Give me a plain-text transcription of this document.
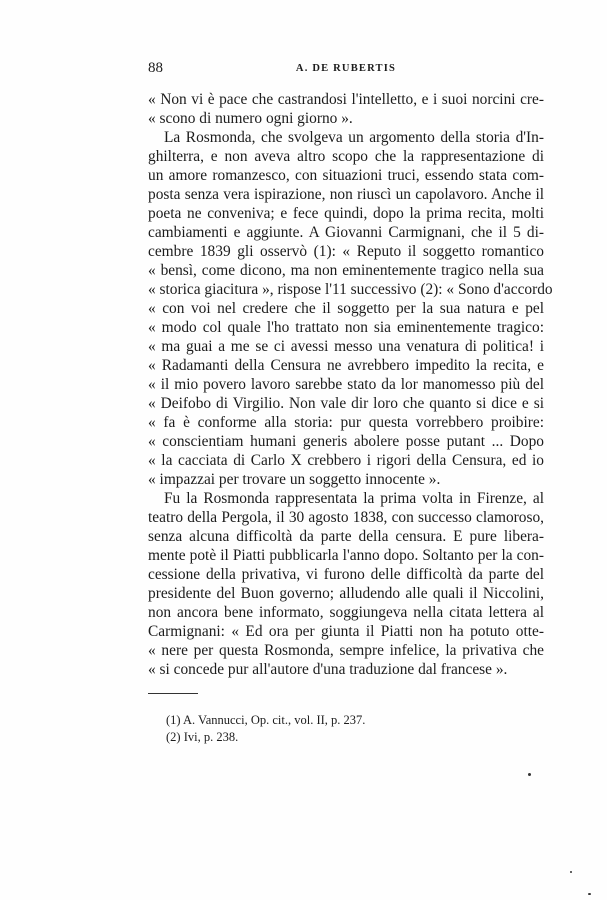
88	A. DE RUBERTIS
« Non vi è pace che castrandosi l'intelletto, e i suoi norcini cre-
« scono di numero ogni giorno ».
La Rosmonda, che svolgeva un argomento della storia d'In-
ghilterra, e non aveva altro scopo che la rappresentazione di
un amore romanzesco, con situazioni truci, essendo stata com-
posta senza vera ispirazione, non riuscì un capolavoro. Anche il
poeta ne conveniva; e fece quindi, dopo la prima recita, molti
cambiamenti e aggiunte. A Giovanni Carmignani, che il 5 di-
cembre 1839 gli osservò (1): « Reputo il soggetto romantico
« bensì, come dicono, ma non eminentemente tragico nella sua
« storica giacitura », rispose l'11 successivo (2): « Sono d'accordo
« con voi nel credere che il soggetto per la sua natura e pel
« modo col quale l'ho trattato non sia eminentemente tragico:
« ma guai a me se ci avessi messo una venatura di politica! i
« Radamanti della Censura ne avrebbero impedito la recita, e
« il mio povero lavoro sarebbe stato da lor manomesso più del
« Deifobo di Virgilio. Non vale dir loro che quanto si dice e si
« fa è conforme alla storia: pur questa vorrebbero proibire:
« conscientiam humani generis abolere posse putant ... Dopo
« la cacciata di Carlo X crebbero i rigori della Censura, ed io
« impazzai per trovare un soggetto innocente ».
Fu la Rosmonda rappresentata la prima volta in Firenze, al
teatro della Pergola, il 30 agosto 1838, con successo clamoroso,
senza alcuna difficoltà da parte della censura. E pure libera-
mente potè il Piatti pubblicarla l'anno dopo. Soltanto per la con-
cessione della privativa, vi furono delle difficoltà da parte del
presidente del Buon governo; alludendo alle quali il Niccolini,
non ancora bene informato, soggiungeva nella citata lettera al
Carmignani: « Ed ora per giunta il Piatti non ha potuto otte-
« nere per questa Rosmonda, sempre infelice, la privativa che
« si concede pur all'autore d'una traduzione dal francese ».
(1) A. Vannucci, Op. cit., vol. II, p. 237.
(2) Ivi, p. 238.
